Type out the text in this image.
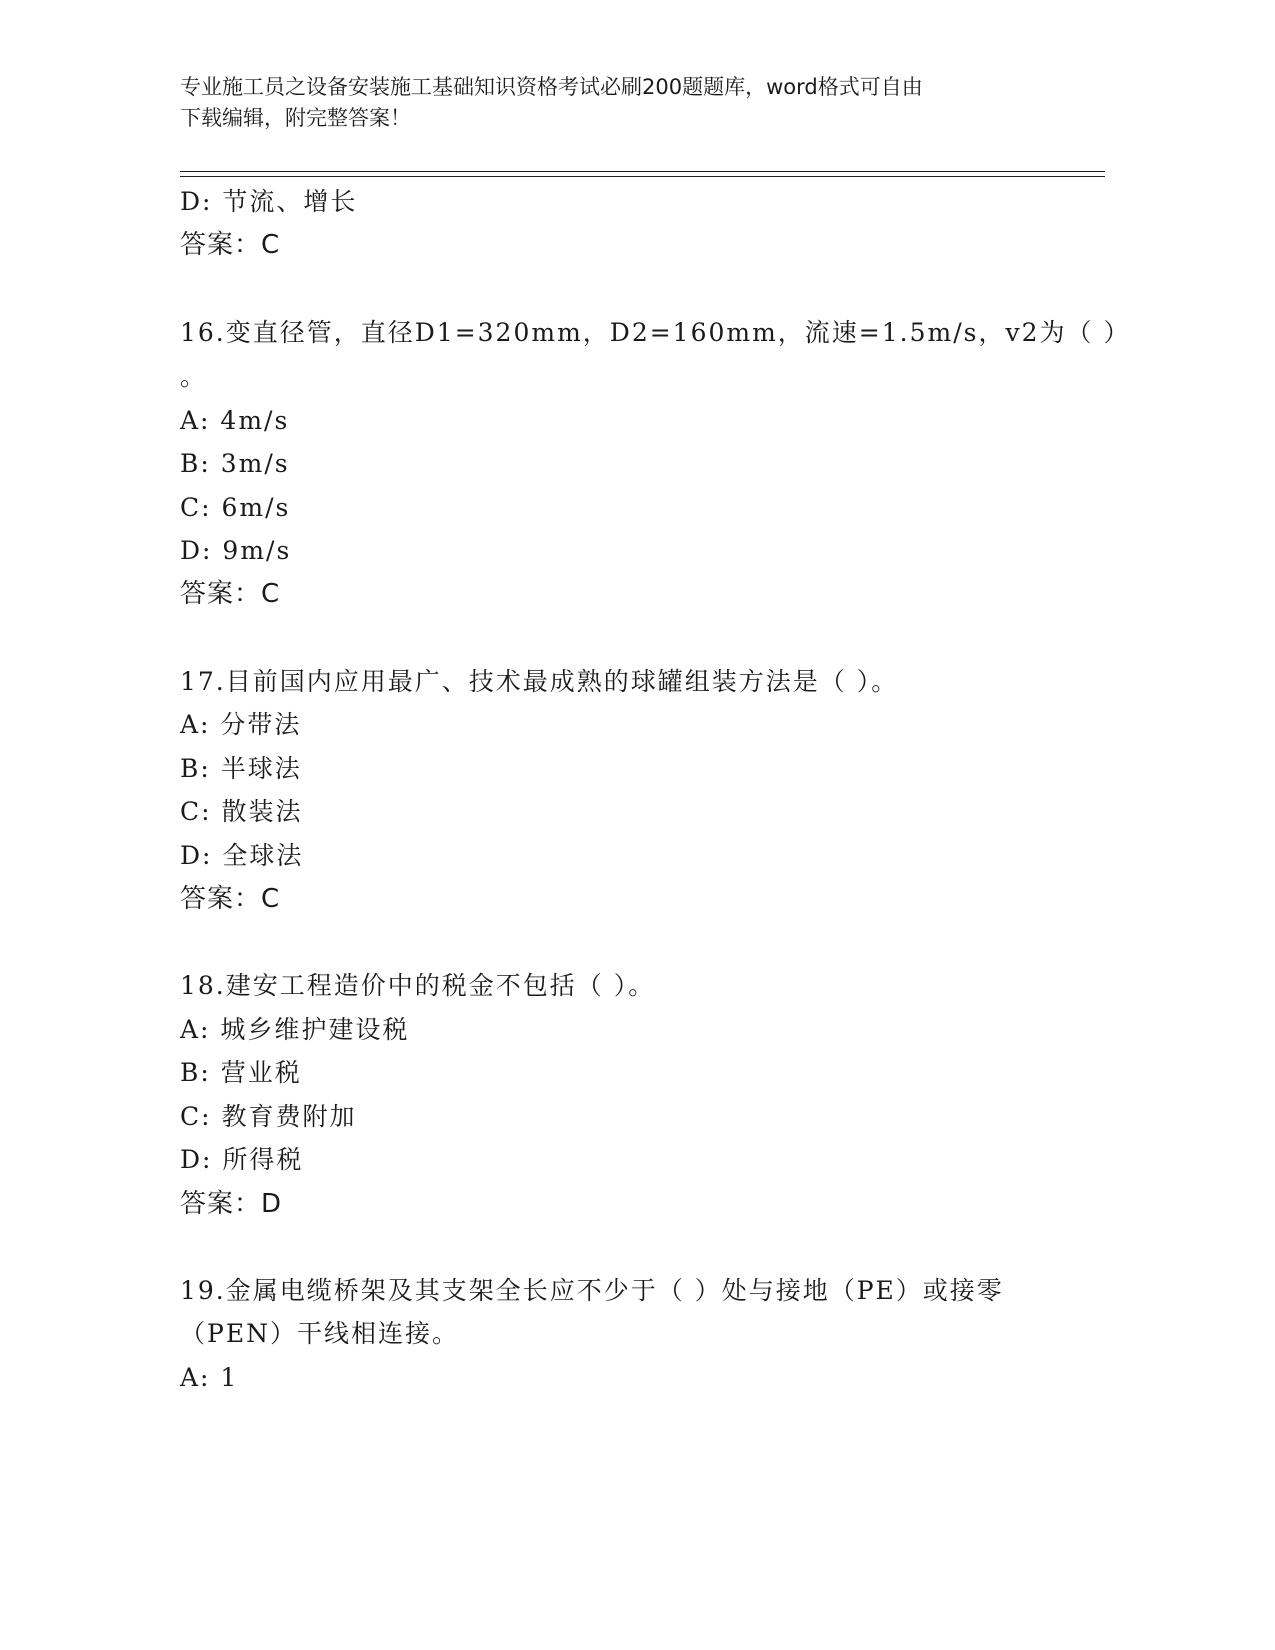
专业施工员之设备安装施工基础知识资格考试必刷200题题库，word格式可自由
下载编辑，附完整答案！
D: 节流、增长
答案：C
16.变直径管，直径D1=320mm，D2=160mm，流速=1.5m/s，v2为（ ）
。
A: 4m/s
B: 3m/s
C: 6m/s
D: 9m/s
答案：C
17.目前国内应用最广、技术最成熟的球罐组装方法是（ ）。
A: 分带法
B: 半球法
C: 散装法
D: 全球法
答案：C
18.建安工程造价中的税金不包括（ ）。
A: 城乡维护建设税
B: 营业税
C: 教育费附加
D: 所得税
答案：D
19.金属电缆桥架及其支架全长应不少于（ ）处与接地（PE）或接零
（PEN）干线相连接。
A: 1
